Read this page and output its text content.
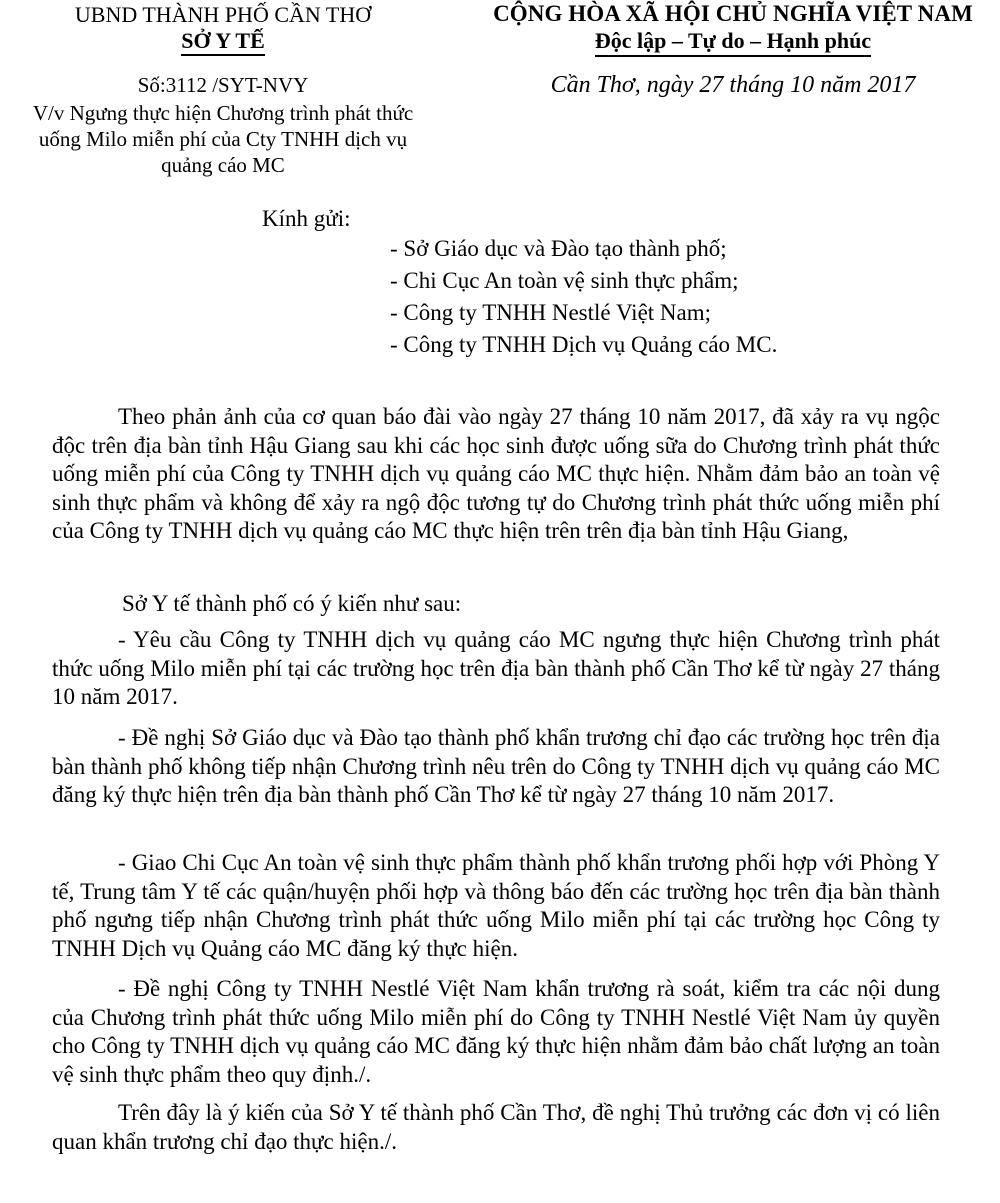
UBND THÀNH PHỐ CẦN THƠ
SỞ Y TẾ
CỘNG HÒA XÃ HỘI CHỦ NGHĨA VIỆT NAM
Độc lập – Tự do – Hạnh phúc
Số:3112 /SYT-NVY
V/v Ngưng thực hiện Chương trình phát thức
uống Milo miễn phí của Cty TNHH dịch vụ
quảng cáo MC
Cần Thơ, ngày 27 tháng 10 năm 2017
Kính gửi:
- Sở Giáo dục và Đào tạo thành phố;
- Chi Cục An toàn vệ sinh thực phẩm;
- Công ty TNHH Nestlé Việt Nam;
- Công ty TNHH Dịch vụ Quảng cáo MC.

Theo phản ảnh của cơ quan báo đài vào ngày 27 tháng 10 năm 2017, đã xảy ra vụ ngộc độc trên địa bàn tỉnh Hậu Giang sau khi các học sinh được uống sữa do Chương trình phát thức uống miễn phí của Công ty TNHH dịch vụ quảng cáo MC thực hiện. Nhằm đảm bảo an toàn vệ sinh thực phẩm và không để xảy ra ngộ độc tương tự do Chương trình phát thức uống miễn phí của Công ty TNHH dịch vụ quảng cáo MC thực hiện trên trên địa bàn tỉnh Hậu Giang,

Sở Y tế thành phố có ý kiến như sau:

- Yêu cầu Công ty TNHH dịch vụ quảng cáo MC ngưng thực hiện Chương trình phát thức uống Milo miễn phí tại các trường học trên địa bàn thành phố Cần Thơ kể từ ngày 27 tháng 10 năm 2017.

- Đề nghị Sở Giáo dục và Đào tạo thành phố khẩn trương chỉ đạo các trường học trên địa bàn thành phố không tiếp nhận Chương trình nêu trên do Công ty TNHH dịch vụ quảng cáo MC đăng ký thực hiện trên địa bàn thành phố Cần Thơ kể từ ngày 27 tháng 10 năm 2017.

- Giao Chi Cục An toàn vệ sinh thực phẩm thành phố khẩn trương phối hợp với Phòng Y tế, Trung tâm Y tế các quận/huyện phối hợp và thông báo đến các trường học trên địa bàn thành phố ngưng tiếp nhận Chương trình phát thức uống Milo miễn phí tại các trường học Công ty TNHH Dịch vụ Quảng cáo MC đăng ký thực hiện.

- Đề nghị Công ty TNHH Nestlé Việt Nam khẩn trương rà soát, kiểm tra các nội dung của Chương trình phát thức uống Milo miễn phí do Công ty TNHH Nestlé Việt Nam ủy quyền cho Công ty TNHH dịch vụ quảng cáo MC đăng ký thực hiện nhằm đảm bảo chất lượng an toàn vệ sinh thực phẩm theo quy định./.

Trên đây là ý kiến của Sở Y tế thành phố Cần Thơ, đề nghị Thủ trưởng các đơn vị có liên quan khẩn trương chỉ đạo thực hiện./.
